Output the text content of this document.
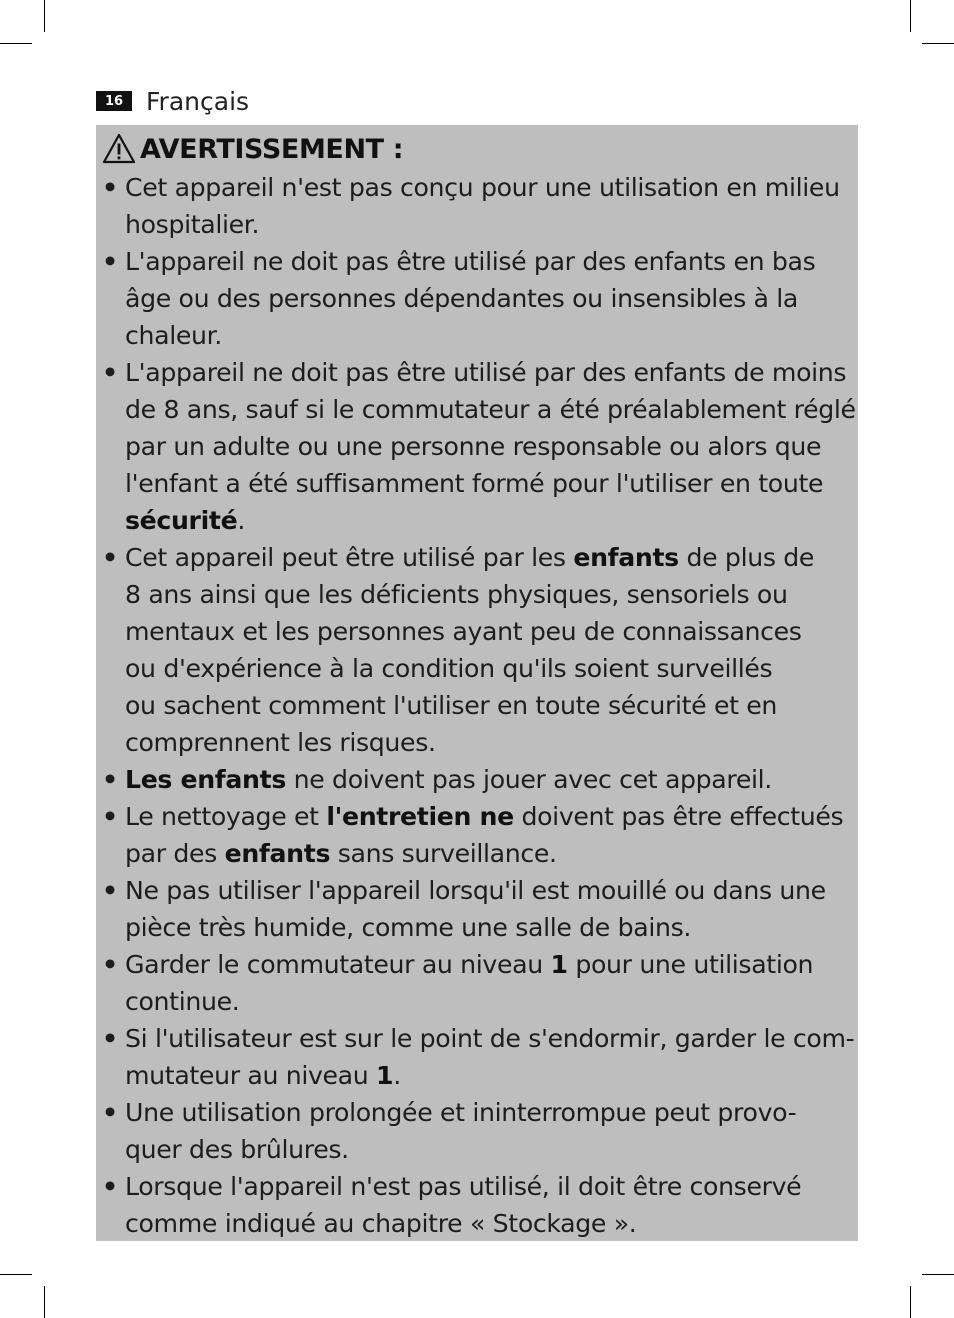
16 Français
AVERTISSEMENT :
• Cet appareil n'est pas conçu pour une utilisation en milieu
hospitalier.
• L'appareil ne doit pas être utilisé par des enfants en bas
âge ou des personnes dépendantes ou insensibles à la
chaleur.
• L'appareil ne doit pas être utilisé par des enfants de moins
de 8 ans, sauf si le commutateur a été préalablement réglé
par un adulte ou une personne responsable ou alors que
l'enfant a été suffisamment formé pour l'utiliser en toute
sécurité.
• Cet appareil peut être utilisé par les enfants de plus de
8 ans ainsi que les déficients physiques, sensoriels ou
mentaux et les personnes ayant peu de connaissances
ou d'expérience à la condition qu'ils soient surveillés
ou sachent comment l'utiliser en toute sécurité et en
comprennent les risques.
• Les enfants ne doivent pas jouer avec cet appareil.
• Le nettoyage et l'entretien ne doivent pas être effectués
par des enfants sans surveillance.
• Ne pas utiliser l'appareil lorsqu'il est mouillé ou dans une
pièce très humide, comme une salle de bains.
• Garder le commutateur au niveau 1 pour une utilisation
continue.
• Si l'utilisateur est sur le point de s'endormir, garder le com-
mutateur au niveau 1.
• Une utilisation prolongée et ininterrompue peut provo-
quer des brûlures.
• Lorsque l'appareil n'est pas utilisé, il doit être conservé
comme indiqué au chapitre « Stockage ».
